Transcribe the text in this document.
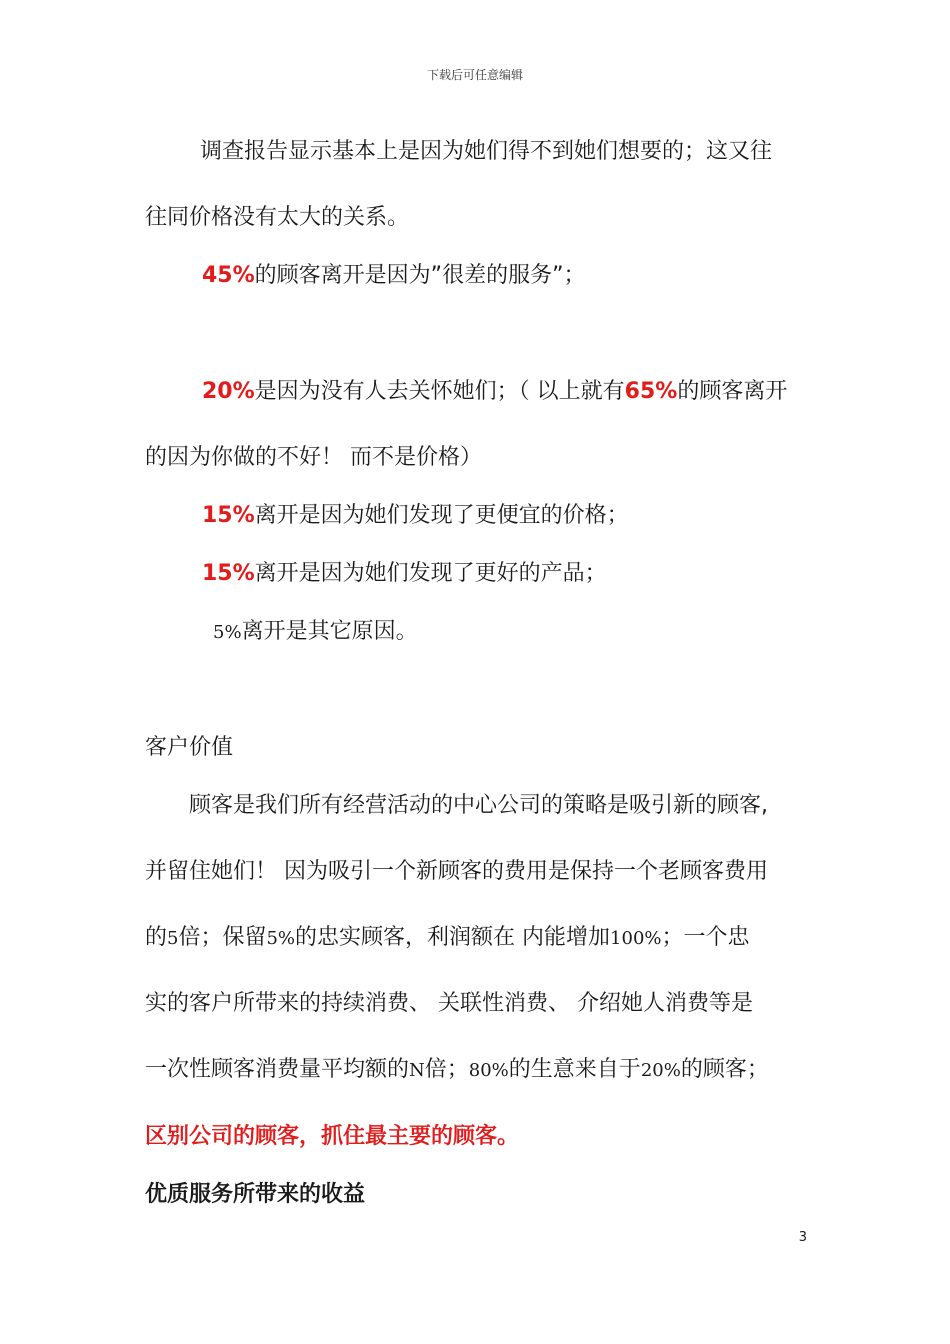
下载后可任意编辑
调查报告显示基本上是因为她们得不到她们想要的；这又往
往同价格没有太大的关系。
45%的顾客离开是因为”很差的服务”；
20%是因为没有人去关怀她们；（ 以上就有65%的顾客离开
的因为你做的不好！ 而不是价格）
15%离开是因为她们发现了更便宜的价格；
15%离开是因为她们发现了更好的产品；
5%离开是其它原因。
客户价值
顾客是我们所有经营活动的中心公司的策略是吸引新的顾客,
并留住她们！ 因为吸引一个新顾客的费用是保持一个老顾客费用
的5倍；保留5%的忠实顾客，利润额在 内能增加100%；一个忠
实的客户所带来的持续消费、 关联性消费、 介绍她人消费等是
一次性顾客消费量平均额的N倍；80%的生意来自于20%的顾客；
区别公司的顾客，抓住最主要的顾客。
优质服务所带来的收益
3
